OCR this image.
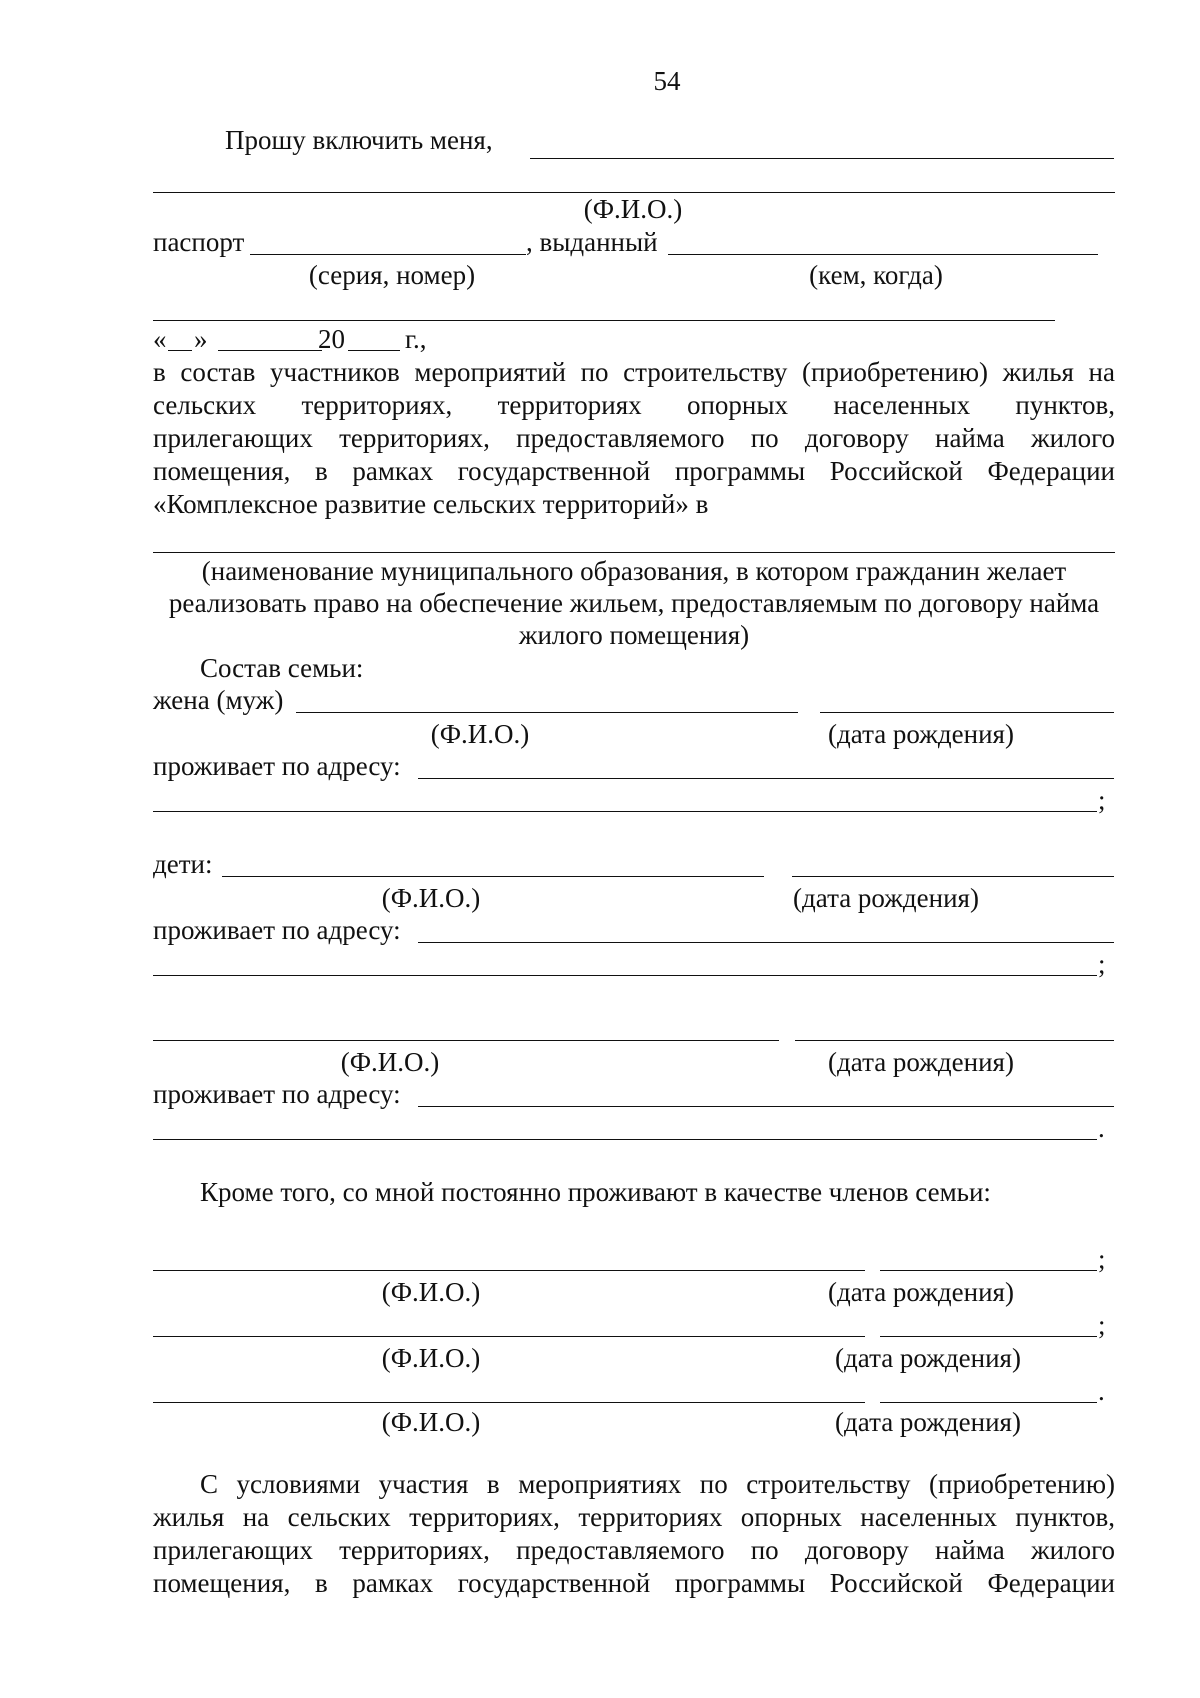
54
Прошу включить меня,
(Ф.И.О.)
паспорт	, выданный
(серия, номер)	(кем, когда)
« »	20 г.,
в состав участников мероприятий по строительству (приобретению) жилья на
сельских территориях, территориях опорных населенных пунктов,
прилегающих территориях, предоставляемого по договору найма жилого
помещения, в рамках государственной программы Российской Федерации
«Комплексное развитие сельских территорий» в
(наименование муниципального образования, в котором гражданин желает
реализовать право на обеспечение жильем, предоставляемым по договору найма
жилого помещения)
Состав семьи:
жена (муж)
(Ф.И.О.)	(дата рождения)
проживает по адресу:
;
дети:
(Ф.И.О.)	(дата рождения)
проживает по адресу:
;
(Ф.И.О.)	(дата рождения)
проживает по адресу:
.
Кроме того, со мной постоянно проживают в качестве членов семьи:
;
(Ф.И.О.)	(дата рождения)
;
(Ф.И.О.)	(дата рождения)
.
(Ф.И.О.)	(дата рождения)
С условиями участия в мероприятиях по строительству (приобретению)
жилья на сельских территориях, территориях опорных населенных пунктов,
прилегающих территориях, предоставляемого по договору найма жилого
помещения, в рамках государственной программы Российской Федерации
